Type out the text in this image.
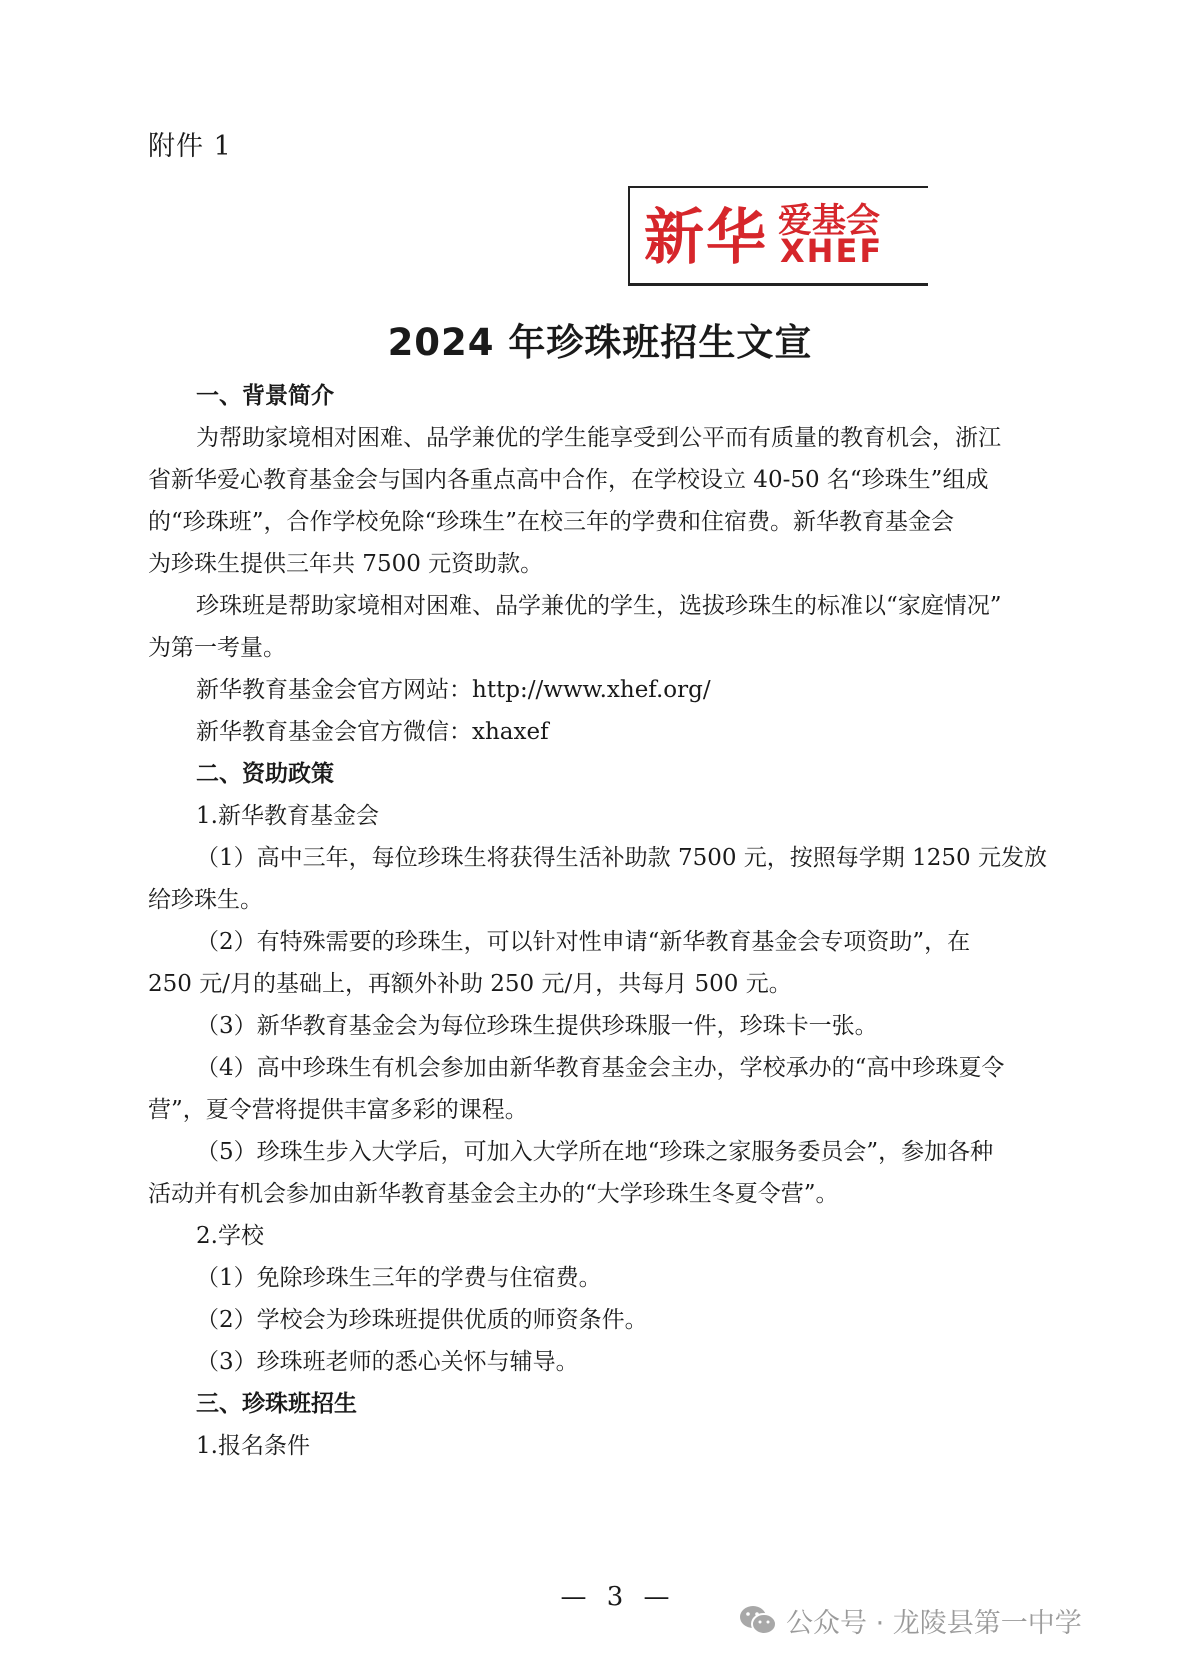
附件 1
新华 爱基会
XHEF
2024 年珍珠班招生文宣
一、背景简介
为帮助家境相对困难、品学兼优的学生能享受到公平而有质量的教育机会，浙江
省新华爱心教育基金会与国内各重点高中合作，在学校设立 40-50 名“珍珠生”组成
的“珍珠班”，合作学校免除“珍珠生”在校三年的学费和住宿费。新华教育基金会
为珍珠生提供三年共 7500 元资助款。
珍珠班是帮助家境相对困难、品学兼优的学生，选拔珍珠生的标准以“家庭情况”
为第一考量。
新华教育基金会官方网站：http://www.xhef.org/
新华教育基金会官方微信：xhaxef
二、资助政策
1.新华教育基金会
（1）高中三年，每位珍珠生将获得生活补助款 7500 元，按照每学期 1250 元发放
给珍珠生。
（2）有特殊需要的珍珠生，可以针对性申请“新华教育基金会专项资助”，在
250 元/月的基础上，再额外补助 250 元/月，共每月 500 元。
（3）新华教育基金会为每位珍珠生提供珍珠服一件，珍珠卡一张。
（4）高中珍珠生有机会参加由新华教育基金会主办，学校承办的“高中珍珠夏令
营”，夏令营将提供丰富多彩的课程。
（5）珍珠生步入大学后，可加入大学所在地“珍珠之家服务委员会”，参加各种
活动并有机会参加由新华教育基金会主办的“大学珍珠生冬夏令营”。
2.学校
（1）免除珍珠生三年的学费与住宿费。
（2）学校会为珍珠班提供优质的师资条件。
（3）珍珠班老师的悉心关怀与辅导。
三、珍珠班招生
1.报名条件
— 3 —
公众号 · 龙陵县第一中学
